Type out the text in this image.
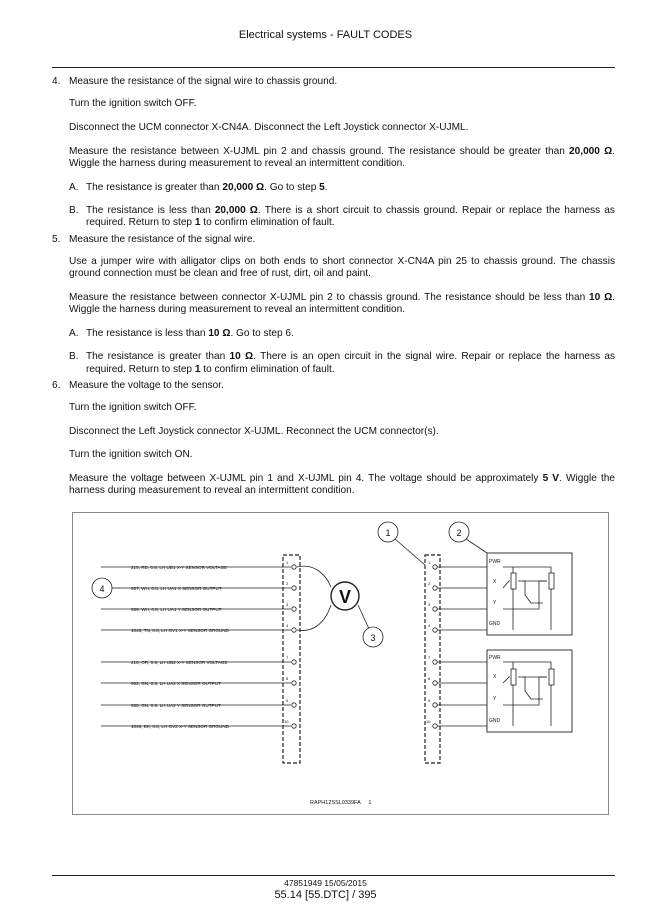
Electrical systems - FAULT CODES
4. Measure the resistance of the signal wire to chassis ground.
Turn the ignition switch OFF.
Disconnect the UCM connector X-CN4A. Disconnect the Left Joystick connector X-UJML.
Measure the resistance between X-UJML pin 2 and chassis ground. The resistance should be greater than 20,000 Ω. Wiggle the harness during measurement to reveal an intermittent condition.
A. The resistance is greater than 20,000 Ω. Go to step 5.
B. The resistance is less than 20,000 Ω. There is a short circuit to chassis ground. Repair or replace the harness as required. Return to step 1 to confirm elimination of fault.
5. Measure the resistance of the signal wire.
Use a jumper wire with alligator clips on both ends to short connector X-CN4A pin 25 to chassis ground. The chassis ground connection must be clean and free of rust, dirt, oil and paint.
Measure the resistance between connector X-UJML pin 2 to chassis ground. The resistance should be less than 10 Ω. Wiggle the harness during measurement to reveal an intermittent condition.
A. The resistance is less than 10 Ω. Go to step 6.
B. The resistance is greater than 10 Ω. There is an open circuit in the signal wire. Repair or replace the harness as required. Return to step 1 to confirm elimination of fault.
6. Measure the voltage to the sensor.
Turn the ignition switch OFF.
Disconnect the Left Joystick connector X-UJML. Reconnect the UCM connector(s).
Turn the ignition switch ON.
Measure the voltage between X-UJML pin 1 and X-UJML pin 4. The voltage should be approximately 5 V. Wiggle the harness during measurement to reveal an intermittent condition.
215, RD, 0.8, LH UB1 X-Y SENSOR VOLTAGE
567, WH, 0.8, LH UA1 X SENSOR OUTPUT
569, WH, 0.8, LH UA1 Y SENSOR OUTPUT
1045, TN, 0.8, LH OV1 X-Y SENSOR GROUND
216, OR, 0.8, LH UB2 X-Y SENSOR VOLTAGE
562, GN, 0.8, LH UA2 X SENSOR OUTPUT
568, GN, 0.8, LH UA2 Y SENSOR OUTPUT
1046, BK, 0.8, LH OV2 X-Y SENSOR GROUND
1
2
3
4
7
8
9
10
V
4
3
1	2
1
2
3
4
7
8
9
10
PWR
X
Y
GND
PWR
X
Y
GND
RAPH12SSL0339FA 1
47851949 15/05/2015
55.14 [55.DTC] / 395
